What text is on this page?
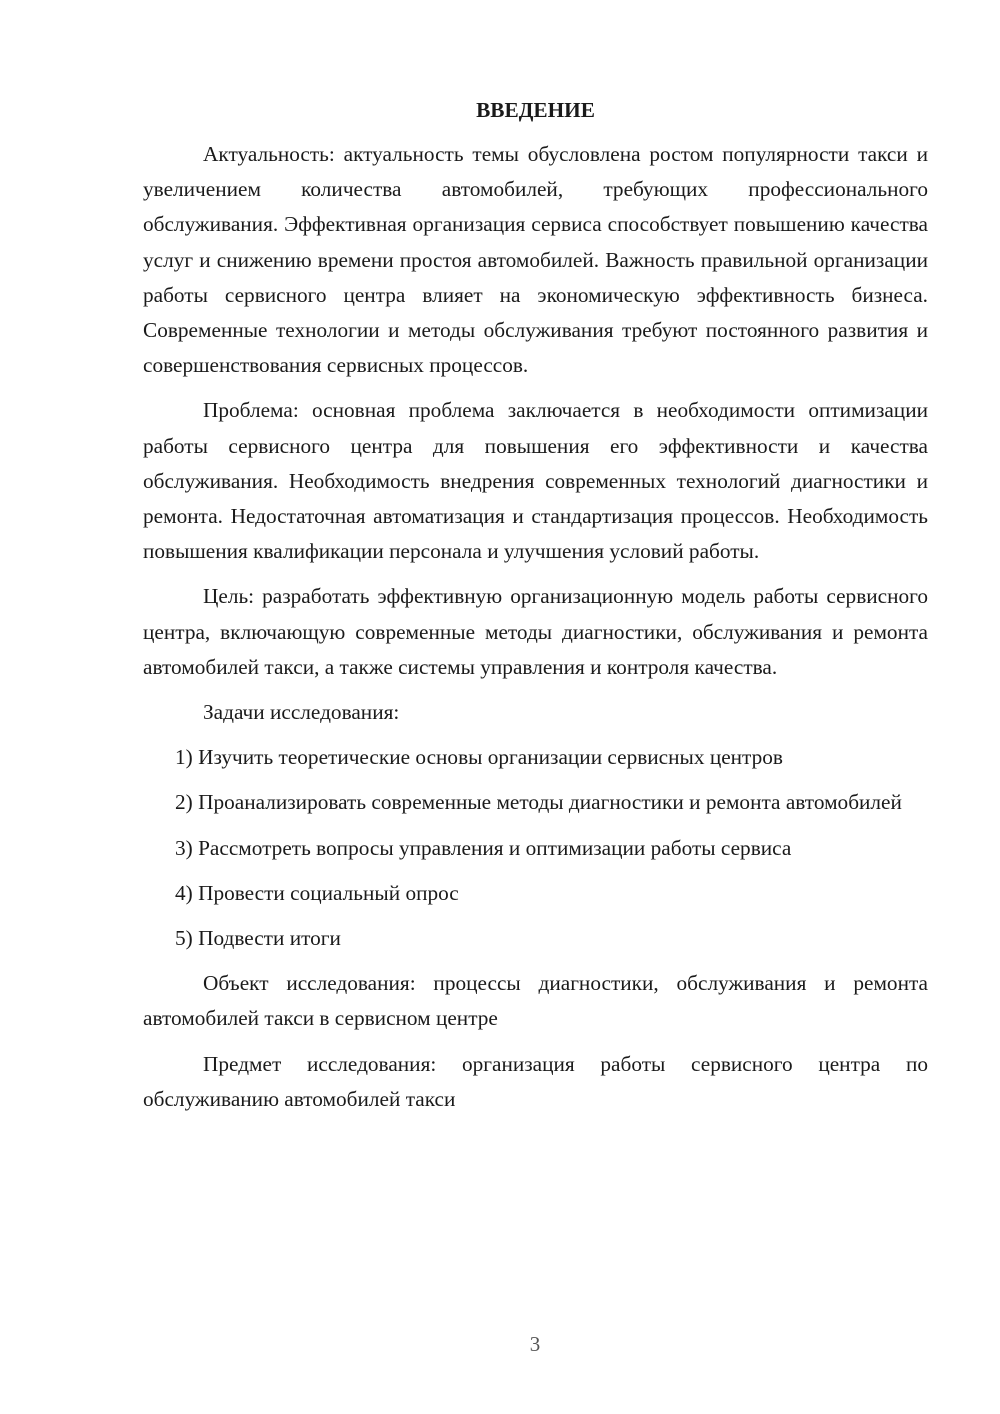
ВВЕДЕНИЕ

Актуальность: актуальность темы обусловлена ростом популярности такси и увеличением количества автомобилей, требующих профессионального обслуживания. Эффективная организация сервиса способствует повышению качества услуг и снижению времени простоя автомобилей. Важность правильной организации работы сервисного центра влияет на экономическую эффективность бизнеса. Современные технологии и методы обслуживания требуют постоянного развития и совершенствования сервисных процессов.

Проблема: основная проблема заключается в необходимости оптимизации работы сервисного центра для повышения его эффективности и качества обслуживания. Необходимость внедрения современных технологий диагностики и ремонта. Недостаточная автоматизация и стандартизация процессов. Необходимость повышения квалификации персонала и улучшения условий работы.

Цель: разработать эффективную организационную модель работы сервисного центра, включающую современные методы диагностики, обслуживания и ремонта автомобилей такси, а также системы управления и контроля качества.

Задачи исследования:

1) Изучить теоретические основы организации сервисных центров

2) Проанализировать современные методы диагностики и ремонта автомобилей

3) Рассмотреть вопросы управления и оптимизации работы сервиса

4) Провести социальный опрос

5) Подвести итоги

Объект исследования: процессы диагностики, обслуживания и ремонта автомобилей такси в сервисном центре

Предмет исследования: организация работы сервисного центра по обслуживанию автомобилей такси

3
